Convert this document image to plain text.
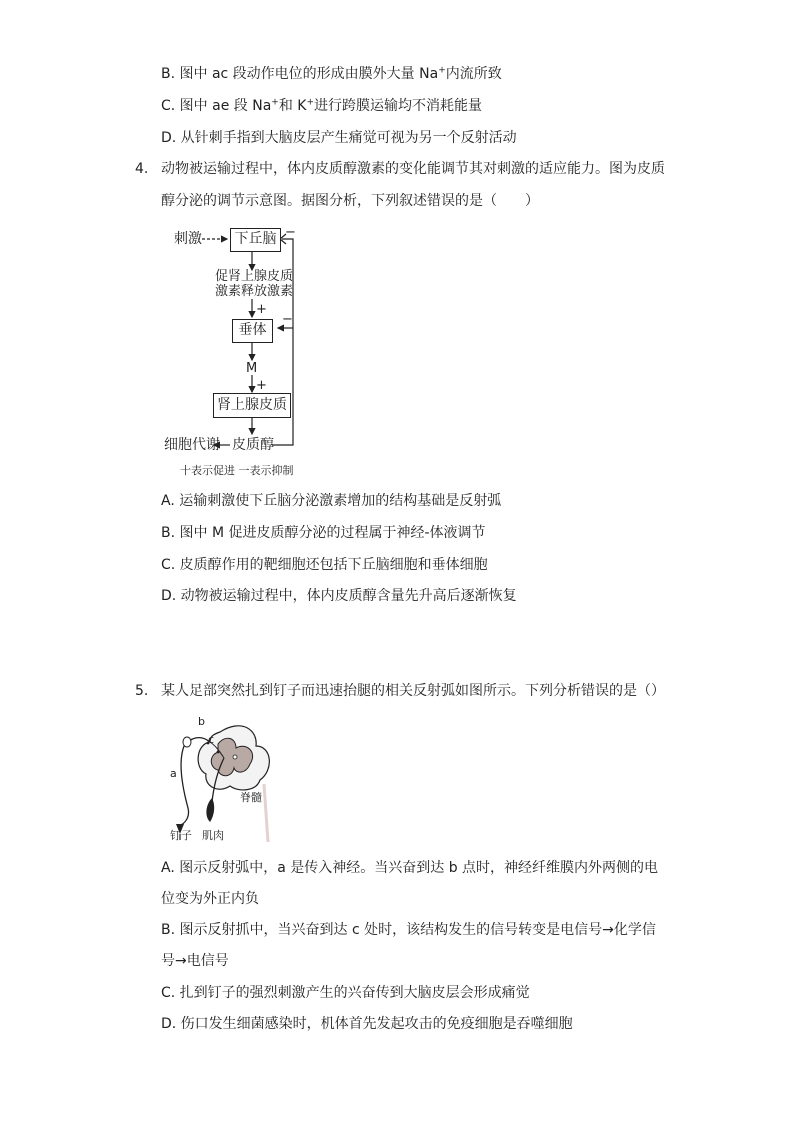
B. 图中 ac 段动作电位的形成由膜外大量 Na+内流所致
C. 图中 ae 段 Na+和 K+进行跨膜运输均不消耗能量
D. 从针刺手指到大脑皮层产生痛觉可视为另一个反射活动
4. 动物被运输过程中，体内皮质醇激素的变化能调节其对刺激的适应能力。图为皮质
醇分泌的调节示意图。据图分析，下列叙述错误的是（　　）
刺激	下丘脑 −
促肾上腺皮质
激素释放激素
+
垂体
−
M
+
肾上腺皮质
细胞代谢 皮质醇
十表示促进 一表示抑制
A. 运输刺激使下丘脑分泌激素增加的结构基础是反射弧
B. 图中 M 促进皮质醇分泌的过程属于神经-体液调节
C. 皮质醇作用的靶细胞还包括下丘脑细胞和垂体细胞
D. 动物被运输过程中，体内皮质醇含量先升高后逐渐恢复
5. 某人足部突然扎到钉子而迅速抬腿的相关反射弧如图所示。下列分析错误的是（）
b
c
a
脊髓
钉子 肌肉
A. 图示反射弧中，a 是传入神经。当兴奋到达 b 点时，神经纤维膜内外两侧的电
位变为外正内负
B. 图示反射抓中，当兴奋到达 c 处时，该结构发生的信号转变是电信号→化学信
号→电信号
C. 扎到钉子的强烈刺激产生的兴奋传到大脑皮层会形成痛觉
D. 伤口发生细菌感染时，机体首先发起攻击的免疫细胞是吞噬细胞
